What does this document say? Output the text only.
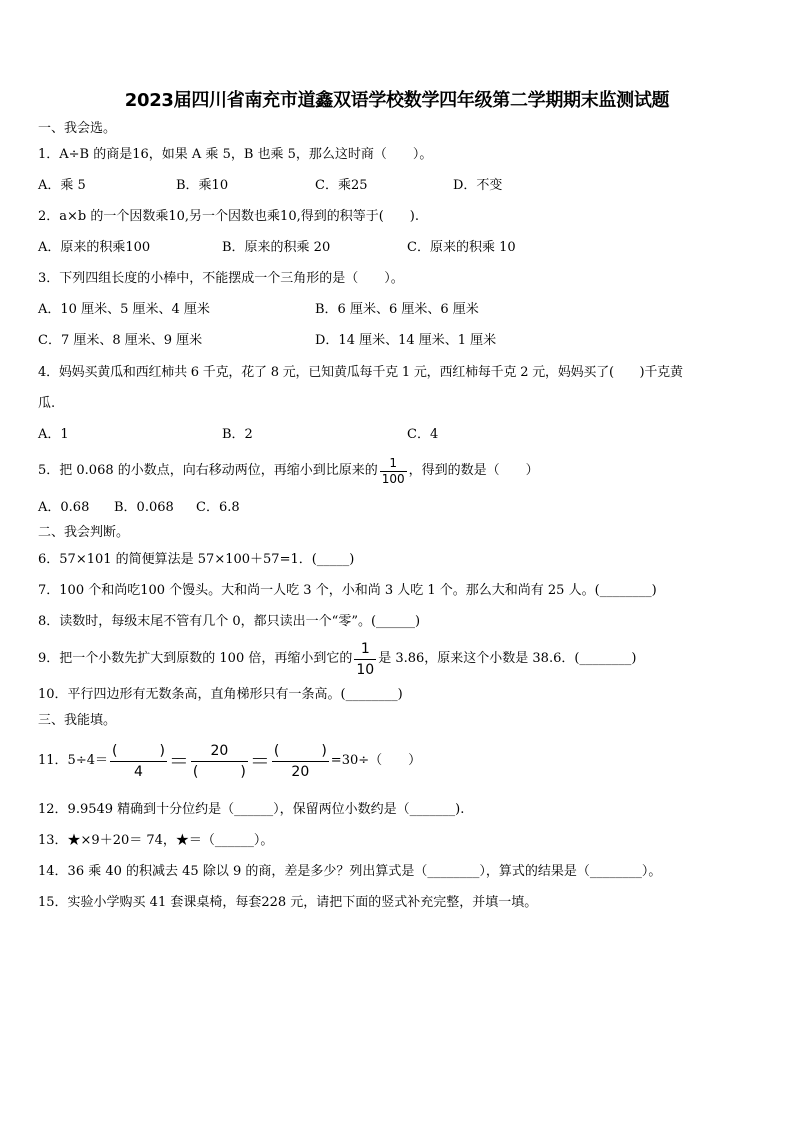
2023届四川省南充市道鑫双语学校数学四年级第二学期期末监测试题
一、我会选。
1．A÷B 的商是16，如果 A 乘 5，B 也乘 5，那么这时商（　　）。
A．乘 5	B．乘10	C．乘25	D．不变
2．a×b 的一个因数乘10,另一个因数也乘10,得到的积等于(　　).
A．原来的积乘100	B．原来的积乘 20	C．原来的积乘 10
3．下列四组长度的小棒中，不能摆成一个三角形的是（　　）。
A．10 厘米、5 厘米、4 厘米	B．6 厘米、6 厘米、6 厘米
C．7 厘米、8 厘米、9 厘米	D．14 厘米、14 厘米、1 厘米
4．妈妈买黄瓜和西红柿共 6 千克，花了 8 元，已知黄瓜每千克 1 元，西红柿每千克 2 元，妈妈买了(　　)千克黄
瓜.
A．1	B．2	C．4
5．把 0.068 的小数点，向右移动两位，再缩小到比原来的
1
100
，得到的数是（　　）
A．0.68 B．0.068 C．6.8
二、我会判断。
6．57×101 的简便算法是 57×100＋57=1．(_____)
7．100 个和尚吃100 个馒头。大和尚一人吃 3 个，小和尚 3 人吃 1 个。那么大和尚有 25 人。(________)
8．读数时，每级末尾不管有几个 0，都只读出一个“零”。(______)
9．把一个小数先扩大到原数的 100 倍，再缩小到它的
1
10
是 3.86，原来这个小数是 38.6．(________)
10．平行四边形有无数条高，直角梯形只有一条高。(________)
三、我能填。
11．5÷4＝
(　　　)
4 ＝ 20
(　　　) ＝ (　　　)
20
=30÷（　　）
12．9.9549 精确到十分位约是（______），保留两位小数约是（_______).
13．★×9＋20＝ 74，★＝（______）。
14．36 乘 40 的积减去 45 除以 9 的商，差是多少？列出算式是（________），算式的结果是（________）。
15．实验小学购买 41 套课桌椅，每套228 元，请把下面的竖式补充完整，并填一填。
